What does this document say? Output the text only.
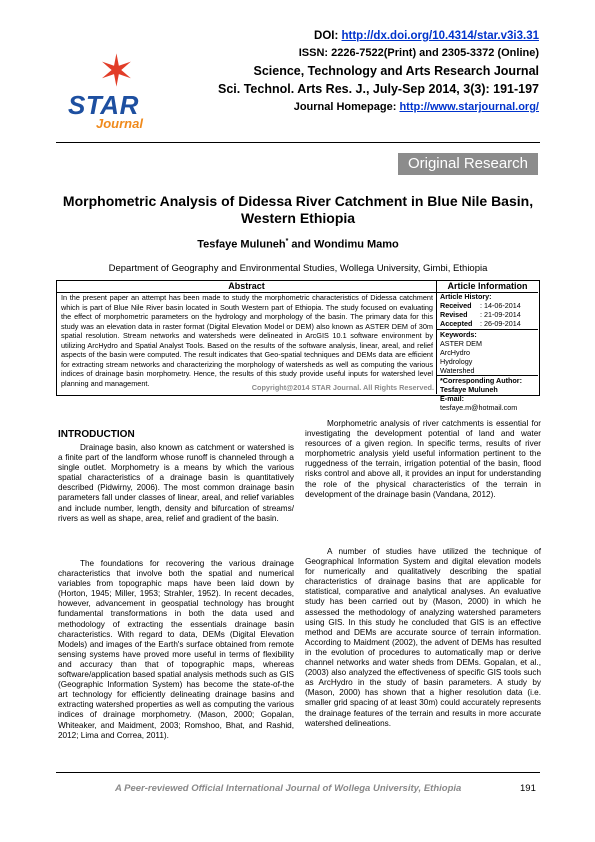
✶
STAR
Journal
DOI: http://dx.doi.org/10.4314/star.v3i3.31
ISSN: 2226-7522(Print) and 2305-3372 (Online)
Science, Technology and Arts Research Journal
Sci. Technol. Arts Res. J., July-Sep 2014, 3(3): 191-197
Journal Homepage: http://www.starjournal.org/
Original Research
Morphometric Analysis of Didessa River Catchment in Blue Nile Basin, Western Ethiopia
Tesfaye Muluneh* and Wondimu Mamo
Department of Geography and Environmental Studies, Wollega University, Gimbi, Ethiopia
Abstract
In the present paper an attempt has been made to study the morphometric characteristics of Didessa catchment which is part of Blue Nile River basin located in South Western part of Ethiopia. The study focused on evaluating the effect of morphometric parameters on the hydrology and morphology of the basin. The primary data for this study was an elevation data in raster format (Digital Elevation Model or DEM) also known as ASTER DEM of 30m spatial resolution. Stream networks and watersheds were delineated in ArcGIS 10.1 software environment by utilizing ArcHydro and Spatial Analyst Tools. Based on the results of the software analysis, linear, areal, and relief aspects of the basin were computed. The result indicates that Geo-spatial techniques and DEMs data are efficient for extracting stream networks and characterizing the morphology of watersheds as well as computing the various indices of drainage basin morphometry. Hence, the results of this study provide useful inputs for watershed level planning and management.	Copyright@2014 STAR Journal. All Rights Reserved.
Article Information
Article History:
Received : 14-06-2014
Revised : 21-09-2014
Accepted : 26-09-2014
Keywords:
ASTER DEM
ArcHydro
Hydrology
Watershed
*Corresponding Author:
Tesfaye Muluneh
E-mail:
tesfaye.m@hotmail.com
INTRODUCTION

Drainage basin, also known as catchment or watershed is a finite part of the landform whose runoff is channeled through a single outlet. Morphometry is a means by which the various spatial characteristics of a drainage basin is quantitatively described (Pidwirny, 2006). The most common drainage basin parameters fall under classes of linear, areal, and relief variables and include number, length, density and bifurcation of streams/ rivers as well as shape, area, relief and gradient of the basin.

The foundations for recovering the various drainage characteristics that involve both the spatial and numerical variables from topographic maps have been laid down by (Horton, 1945; Miller, 1953; Strahler, 1952). In recent decades, however, advancement in geospatial technology has brought fundamental transformations in both the data used and methodology of extracting the essentials drainage basin characteristics. With regard to data, DEMs (Digital Elevation Models) and images of the Earth's surface obtained from remote sensing systems have proved more useful in terms of flexibility and accuracy than that of topographic maps, whereas software/application based spatial analysis methods such as GIS (Geographic Information System) has become the state-of-the art technology for efficiently delineating drainage basins and extracting watershed properties as well as computing the various indices of drainage morphometry. (Mason, 2000; Gopalan, Whiteaker, and Maidment, 2003; Romshoo, Bhat, and Rashid, 2012; Lima and Correa, 2011).

Morphometric analysis of river catchments is essential for investigating the development potential of land and water resources of a given region. In specific terms, results of river morphometric analysis yield useful information pertinent to the ruggedness of the terrain, irrigation potential of the basin, flood risks control and above all, it provides an input for understanding the role of the physical characteristics of the terrain in development of the drainage basin (Vandana, 2012).

A number of studies have utilized the technique of Geographical Information System and digital elevation models for numerically and qualitatively describing the spatial characteristics of drainage basins that are applicable for statistical, comparative and analytical analyses. An evaluative study has been carried out by (Mason, 2000) in which he assessed the methodology of analyzing watershed parameters using GIS. In this study he concluded that GIS is an effective method and DEMs are accurate source of terrain information. According to Maidment (2002), the advent of DEMs has resulted in the evolution of procedures to automatically map or derive channel networks and water sheds from DEMs. Gopalan, et al., (2003) also analyzed the effectiveness of specific GIS tools such as ArcHydro in the study of basin parameters. A study by (Mason, 2000) has shown that a higher resolution data (i.e. smaller grid spacing of at least 30m) could accurately represents the drainage features of the terrain and results in more accurate watershed delineations.

A Peer-reviewed Official International Journal of Wollega University, Ethiopia	191
